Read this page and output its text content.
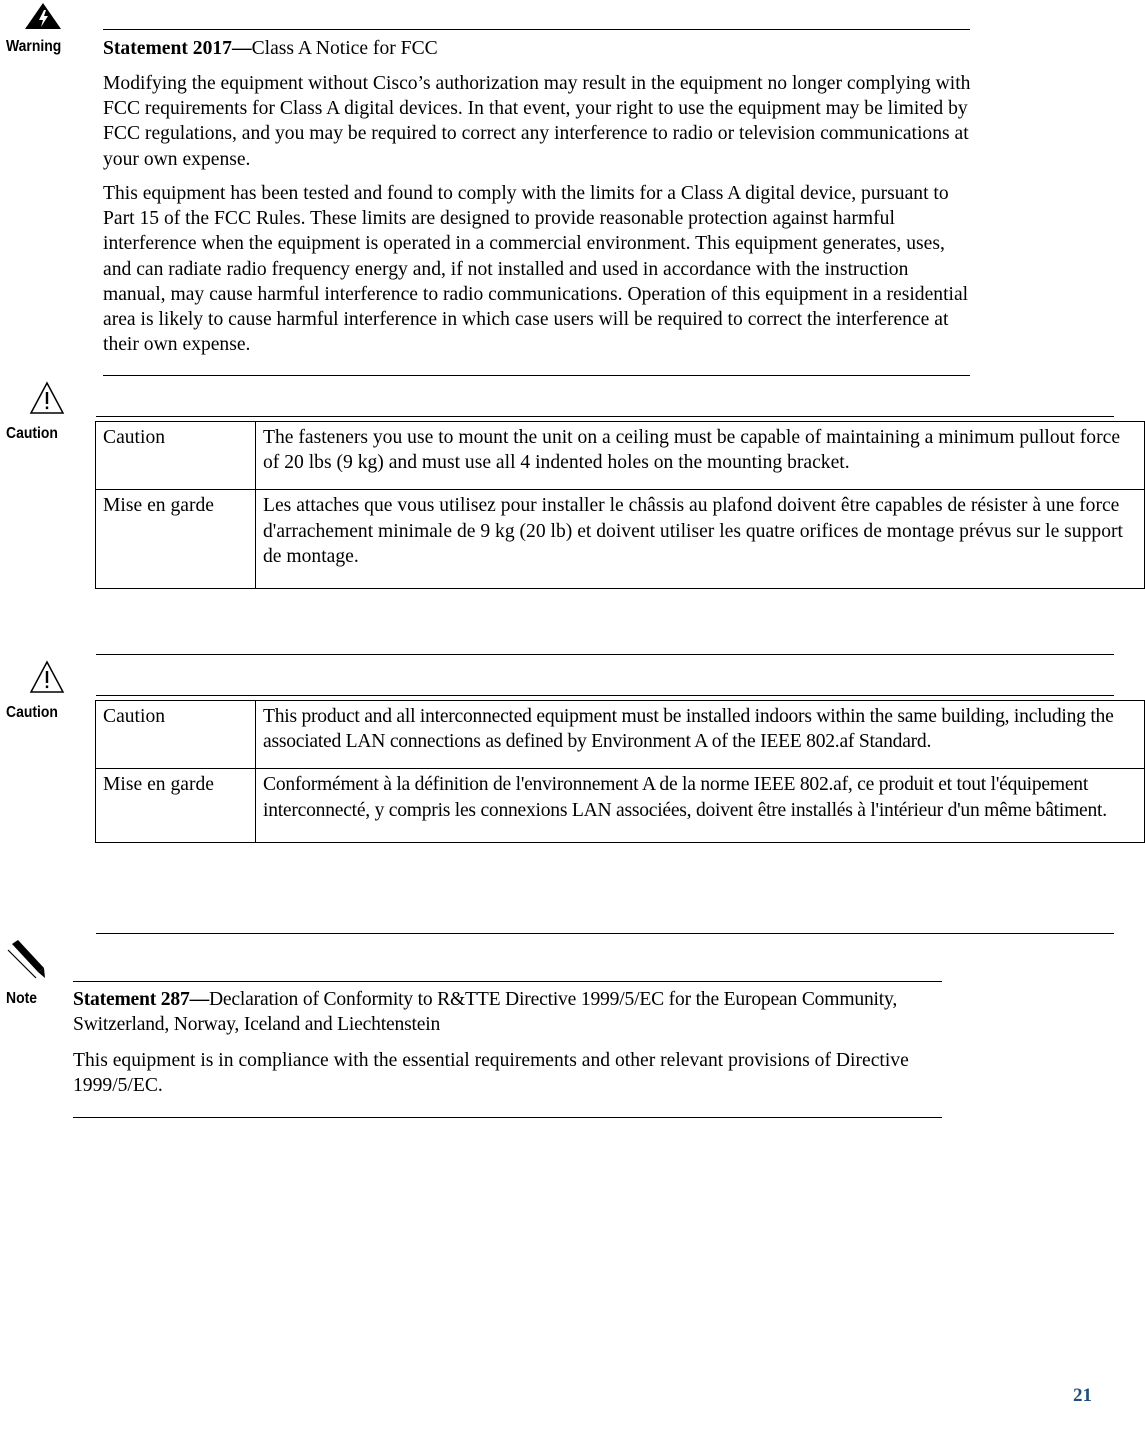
Warning Statement 2017—Class A Notice for FCC

Modifying the equipment without Cisco’s authorization may result in the equipment no longer complying with FCC requirements for Class A digital devices. In that event, your right to use the equipment may be limited by FCC regulations, and you may be required to correct any interference to radio or television communications at your own expense.

This equipment has been tested and found to comply with the limits for a Class A digital device, pursuant to Part 15 of the FCC Rules. These limits are designed to provide reasonable protection against harmful interference when the equipment is operated in a commercial environment. This equipment generates, uses, and can radiate radio frequency energy and, if not installed and used in accordance with the instruction manual, may cause harmful interference to radio communications. Operation of this equipment in a residential area is likely to cause harmful interference in which case users will be required to correct the interference at their own expense.

Caution Caution	The fasteners you use to mount the unit on a ceiling must be capable of maintaining a minimum pullout force of 20 lbs (9 kg) and must use all 4 indented holes on the mounting bracket.
Mise en garde	Les attaches que vous utilisez pour installer le châssis au plafond doivent être capables de résister à une force d'arrachement minimale de 9 kg (20 lb) et doivent utiliser les quatre orifices de montage prévus sur le support de montage.
Caution Caution	This product and all interconnected equipment must be installed indoors within the same building, including the associated LAN connections as defined by Environment A of the IEEE 802.af Standard.
Mise en garde	Conformément à la définition de l'environnement A de la norme IEEE 802.af, ce produit et tout l'équipement interconnecté, y compris les connexions LAN associées, doivent être installés à l'intérieur d'un même bâtiment.
Note Statement 287—Declaration of Conformity to R&TTE Directive 1999/5/EC for the European Community, Switzerland, Norway, Iceland and Liechtenstein

This equipment is in compliance with the essential requirements and other relevant provisions of Directive 1999/5/EC.

21
